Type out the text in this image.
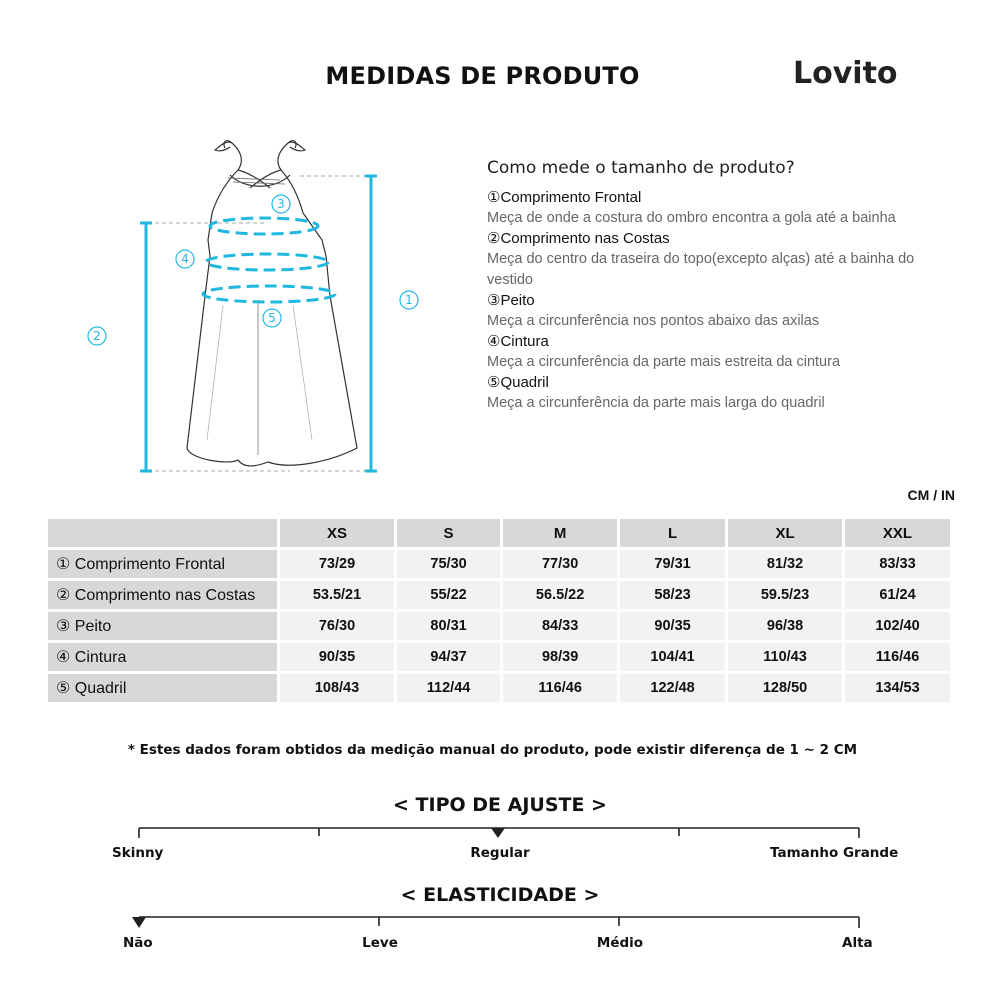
MEDIDAS DE PRODUTO	Lovito
1
2
3
4
5
Como mede o tamanho de produto?
①Comprimento Frontal
Meça de onde a costura do ombro encontra a gola até a bainha
②Comprimento nas Costas
Meça do centro da traseira do topo(excepto alças) até a bainha do vestido
③Peito
Meça a circunferência nos pontos abaixo das axilas
④Cintura
Meça a circunferência da parte mais estreita da cintura
⑤Quadril
Meça a circunferência da parte mais larga do quadril
CM / IN
	XS	S	M	L	XL	XXL
① Comprimento Frontal	73/29	75/30	77/30	79/31	81/32	83/33
② Comprimento nas Costas	53.5/21	55/22	56.5/22	58/23	59.5/23	61/24
③ Peito	76/30	80/31	84/33	90/35	96/38	102/40
④ Cintura	90/35	94/37	98/39	104/41	110/43	116/46
⑤ Quadril	108/43	112/44	116/46	122/48	128/50	134/53
* Estes dados foram obtidos da medição manual do produto, pode existir diferença de 1 ~ 2 CM
< TIPO DE AJUSTE >
Skinny	Regular	Tamanho Grande
< ELASTICIDADE >
Não	Leve	Médio	Alta
